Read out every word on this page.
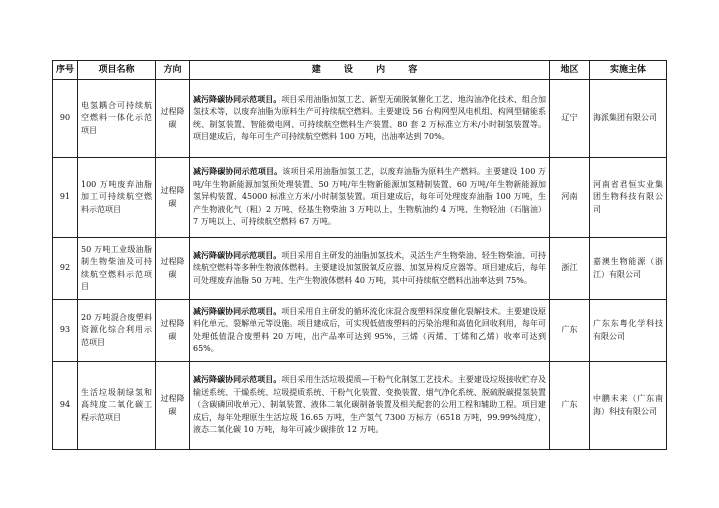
序号	项目名称	方向	建 设 内 容	地区	实施主体
90	电氢耦合可持续航空燃料一体化示范项目	过程降碳	减污降碳协同示范项目。项目采用油脂加氢工艺、新型无硫脱氧催化工艺、地沟油净化技术、组合加氢技术等，以废弃油脂为原料生产可持续航空燃料。主要建设 56 台构网型风电机组、构网型储能系统、制氢装置、智能微电网、可持续航空燃料生产装置、80 套 2 万标准立方米/小时制氢装置等。项目建成后，每年可生产可持续航空燃料 100 万吨，出油率达到 70%。	辽宁	海派集团有限公司
91	100 万吨废弃油脂加工可持续航空燃料示范项目	过程降碳	减污降碳协同示范项目。该项目采用油脂加氢工艺，以废弃油脂为原料生产燃料。主要建设 100 万吨/年生物新能源加氢预处理装置、50 万吨/年生物新能源加氢精制装置、60 万吨/年生物新能源加氢异构装置、45000 标准立方米/小时制氢装置。项目建成后，每年可处理废弃油脂 100 万吨，生产生物液化气（粗）2 万吨、烃基生物柴油 3 万吨以上，生物航油约 4 万吨、生物轻油（石脑油）7 万吨以上、可持续航空燃料 67 万吨。	河南	河南省君恒实业集团生物科技有限公司
92	50 万吨工业级油脂制生物柴油及可持续航空燃料示范项目	过程降碳	减污降碳协同示范项目。项目采用自主研发的油脂加氢技术，灵活生产生物柴油、轻生物柴油、可持续航空燃料等多种生物液体燃料。主要建设加氢脱氧反应器、加氢异构反应器等。项目建成后，每年可处理废弃油脂 50 万吨、生产生物液体燃料 40 万吨，其中可持续航空燃料出油率达到 75%。	浙江	嘉澳生物能源（浙江）有限公司
93	20 万吨混合废塑料资源化综合利用示范项目	过程降碳	减污降碳协同示范项目。项目采用自主研发的循环流化床混合废塑料深度催化裂解技术。主要建设原料化单元、裂解单元等设施。项目建成后，可实现低值废塑料的污染治理和高值化回收利用，每年可处理低值混合废塑料 20 万吨，出产品率可达到 95%，三烯（丙烯、丁烯和乙烯）收率可达到 65%。	广东	广东东粤化学科技有限公司
94	生活垃圾制绿氢和高纯度二氧化碳工程示范项目	过程降碳	减污降碳协同示范项目。项目采用生活垃圾提质—干粉气化制氢工艺技术。主要建设垃圾接收贮存及输送系统、干燥系统、垃圾提质系统、干粉气化装置、变换装置、烟气净化系统、脱硫脱碳提氢装置（含碳磷回收单元）、制氧装置、液体二氧化碳制备装置及相关配套的公用工程和辅助工程。项目建成后，每年处理原生生活垃圾 16.65 万吨，生产氢气 7300 万标方（6518 万吨，99.99%纯度），液态二氧化碳 10 万吨，每年可减少碳排放 12 万吨。	广东	中鹏未来（广东南海）科技有限公司
